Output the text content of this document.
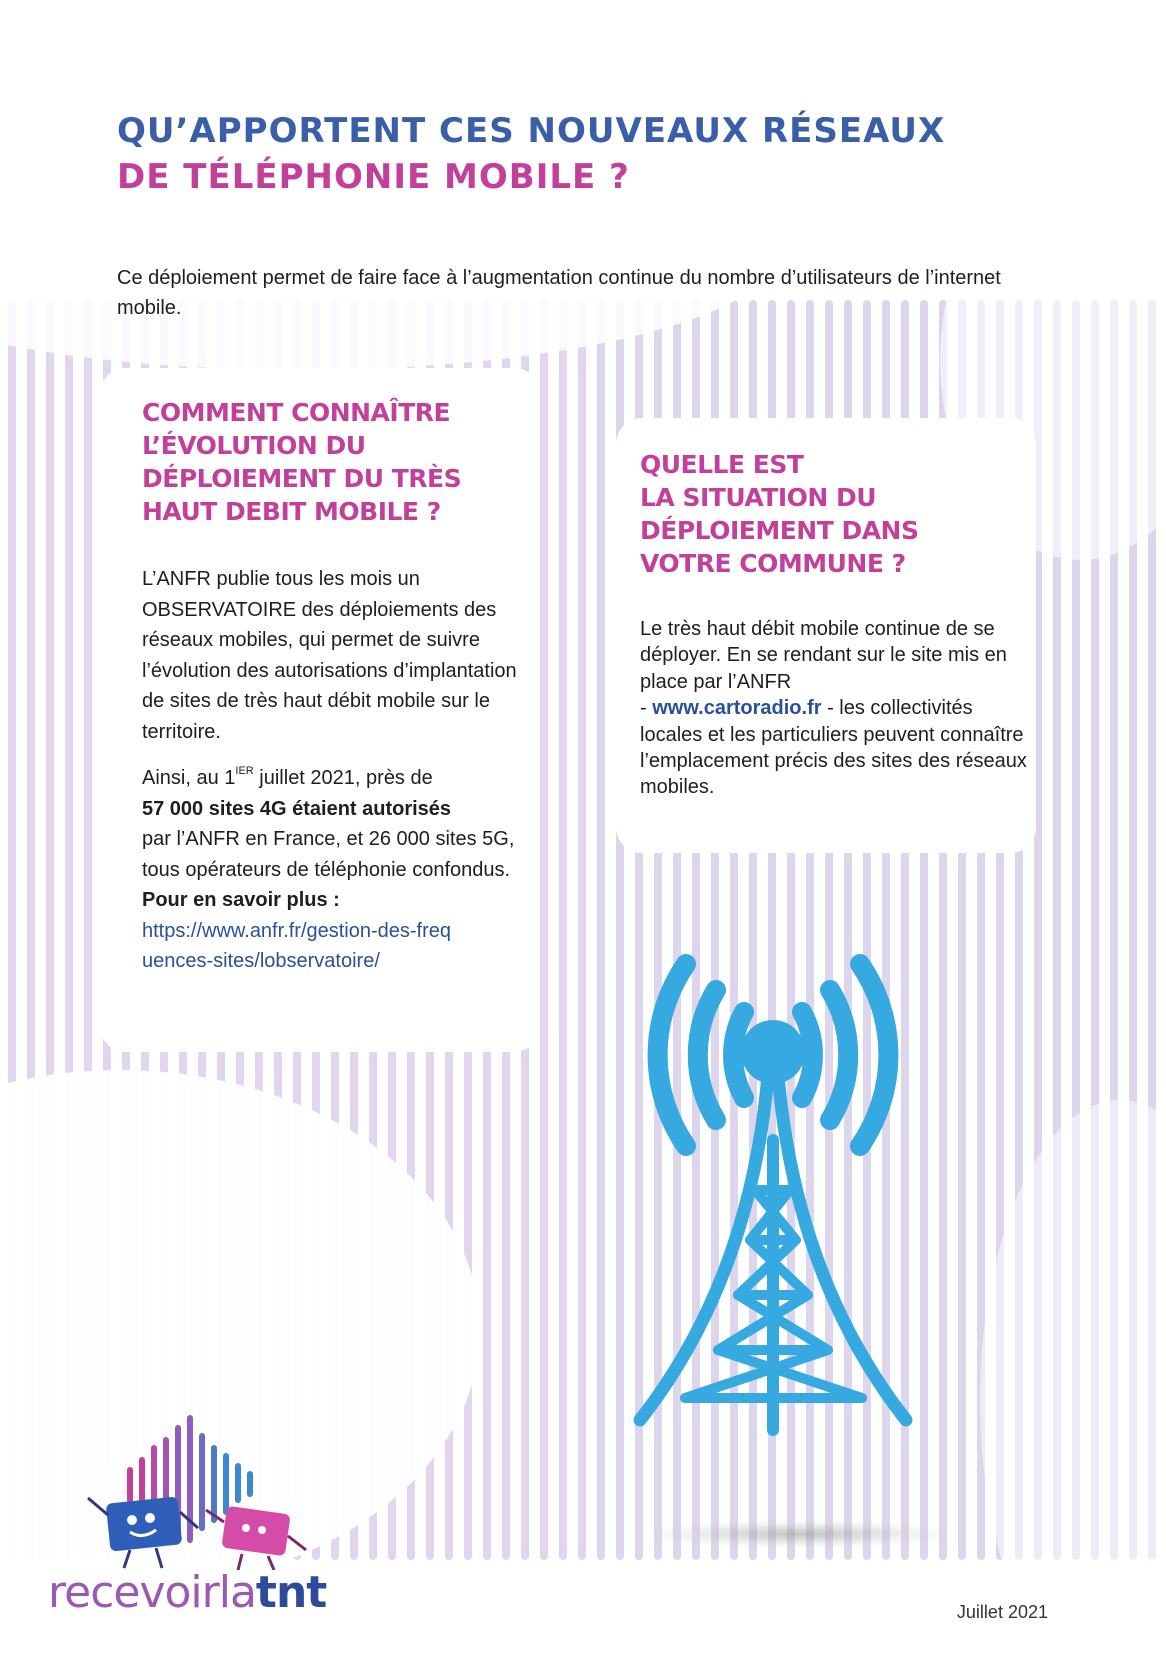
QU’APPORTENT CES NOUVEAUX RÉSEAUX
DE TÉLÉPHONIE MOBILE ?

Ce déploiement permet de faire face à l’augmentation continue du nombre d’utilisateurs de l’internet mobile.

COMMENT CONNAÎTRE
L’ÉVOLUTION DU
DÉPLOIEMENT DU TRÈS
HAUT DEBIT MOBILE ?

L’ANFR publie tous les mois un OBSERVATOIRE des déploiements des réseaux mobiles, qui permet de suivre l’évolution des autorisations d’implantation de sites de très haut débit mobile sur le territoire.

Ainsi, au $1^{IER}$ juillet 2021, près de
57 000 sites 4G étaient autorisés
par l’ANFR en France, et 26 000 sites 5G, tous opérateurs de téléphonie confondus.
Pour en savoir plus :
https://www.anfr.fr/gestion-des-frequences-sites/lobservatoire/

QUELLE EST
LA SITUATION DU
DÉPLOIEMENT DANS
VOTRE COMMUNE ?

Le très haut débit mobile continue de se déployer. En se rendant sur le site mis en place par l’ANFR
- www.cartoradio.fr - les collectivités locales et les particuliers peuvent connaître l’emplacement précis des sites des réseaux mobiles.

recevoirlatnt	Juillet 2021
